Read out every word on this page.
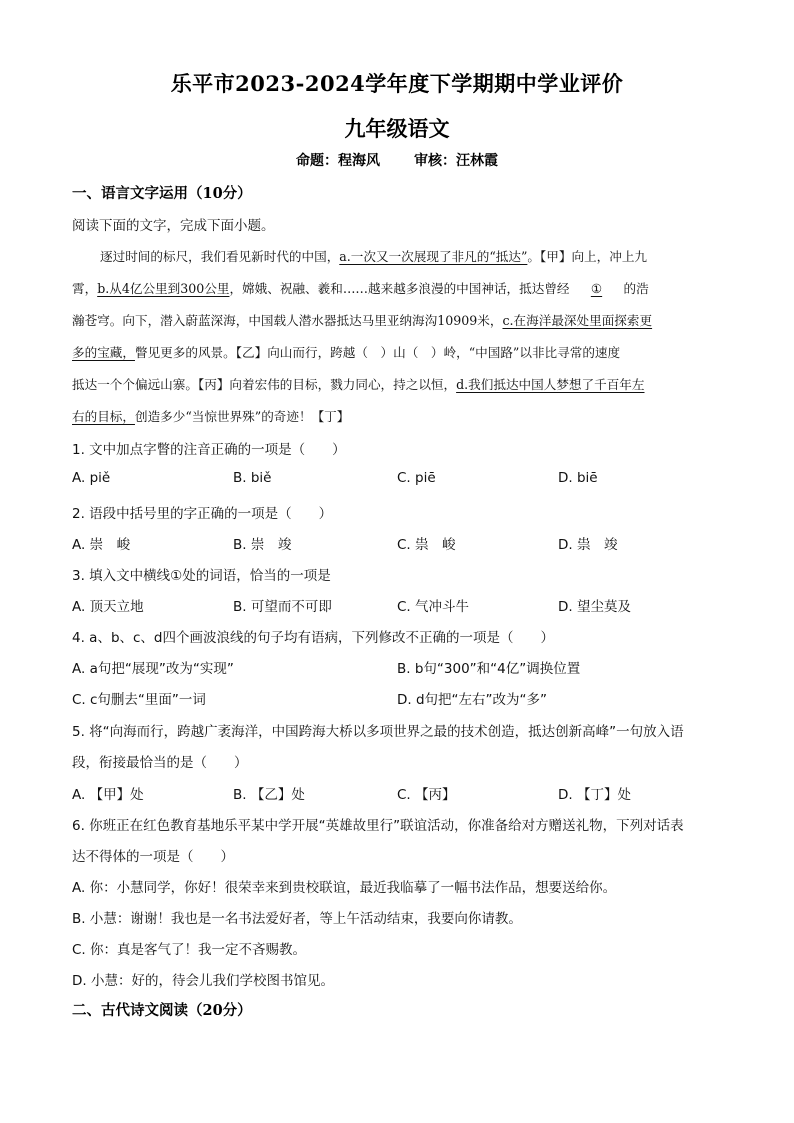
乐平市2023-2024学年度下学期期中学业评价
九年级语文
命题：程海风 审核：汪林霞
一、语言文字运用（10分）
阅读下面的文字，完成下面小题。
逐过时间的标尺，我们看见新时代的中国，a.一次又一次展现了非凡的“抵达”。【甲】向上，冲上九
霄，b.从4亿公里到300公里，嫦娥、祝融、羲和……越来越多浪漫的中国神话，抵达曾经 ① 的浩
瀚苍穹。向下，潜入蔚蓝深海，中国载人潜水器抵达马里亚纳海沟10909米，c.在海洋最深处里面探索更
多的宝藏，瞥见更多的风景。【乙】向山而行，跨越（　）山（　）岭，“中国路”以非比寻常的速度
抵达一个个偏远山寨。【丙】向着宏伟的目标，戮力同心，持之以恒，d.我们抵达中国人梦想了千百年左
右的目标，创造多少“当惊世界殊”的奇迹！【丁】
1. 文中加点字瞥的注音正确的一项是（　　）
A. piě	B. biě	C. piē	D. biē
2. 语段中括号里的字正确的一项是（　　）
A. 崇　峻	B. 崇　竣	C. 祟　峻	D. 祟　竣
3. 填入文中横线①处的词语，恰当的一项是
A. 顶天立地	B. 可望而不可即	C. 气冲斗牛	D. 望尘莫及
4. a、b、c、d四个画波浪线的句子均有语病，下列修改不正确的一项是（　　）
A. a句把“展现”改为“实现”	B. b句“300”和“4亿”调换位置
C. c句删去“里面”一词	D. d句把“左右”改为“多”
5. 将“向海而行，跨越广袤海洋，中国跨海大桥以多项世界之最的技术创造，抵达创新高峰”一句放入语
段，衔接最恰当的是（　　）
A. 【甲】处	B. 【乙】处	C. 【丙】	D. 【丁】处
6. 你班正在红色教育基地乐平某中学开展“英雄故里行”联谊活动，你准备给对方赠送礼物，下列对话表
达不得体的一项是（　　）
A. 你：小慧同学，你好！很荣幸来到贵校联谊，最近我临摹了一幅书法作品，想要送给你。
B. 小慧：谢谢！我也是一名书法爱好者，等上午活动结束，我要向你请教。
C. 你：真是客气了！我一定不吝赐教。
D. 小慧：好的，待会儿我们学校图书馆见。
二、古代诗文阅读（20分）
